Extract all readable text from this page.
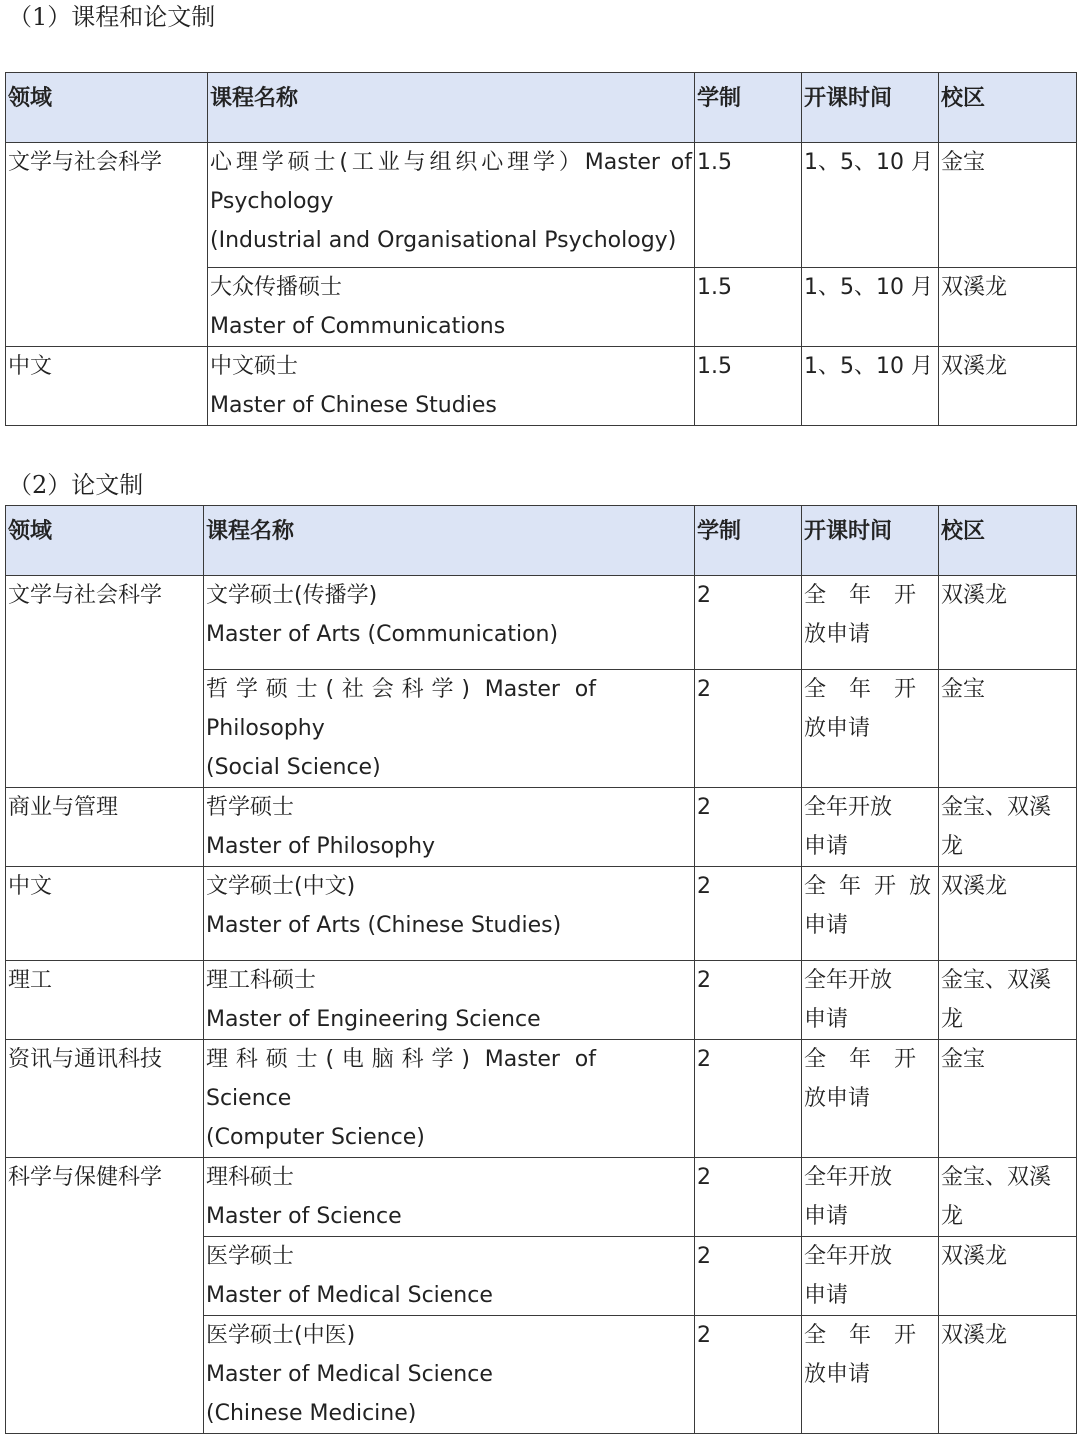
（1）课程和论文制
领域	课程名称	学制	开课时间	校区
文学与社会科学	心理学硕士(工业与组织心理学）Master of
Psychology
(Industrial and Organisational Psychology)	1.5	1、5、10 月	金宝

	大众传播硕士
Master of Communications	1.5	1、5、10 月	双溪龙
中文	中文硕士
Master of Chinese Studies	1.5	1、5、10 月	双溪龙
（2）论文制
领域	课程名称	学制	开课时间	校区
文学与社会科学	文学硕士(传播学)
Master of Arts (Communication)	2	全 年 开
放申请	双溪龙

	哲学硕士(社会科学) Master of
Philosophy
(Social Science)	2	全 年 开
放申请	金宝
商业与管理	哲学硕士
Master of Philosophy	2	全年开放
申请	金宝、双溪
龙

中文	文学硕士(中文)
Master of Arts (Chinese Studies)	2	全 年 开 放
申请	双溪龙
理工	理工科硕士
Master of Engineering Science	2	全年开放
申请	金宝、双溪
龙

资讯与通讯科技	理科硕士(电脑科学) Master of
Science
(Computer Science)	2	全 年 开
放申请	金宝
科学与保健科学	理科硕士
Master of Science	2	全年开放
申请	金宝、双溪
龙

	医学硕士
Master of Medical Science	2	全年开放
申请	双溪龙

	医学硕士(中医)
Master of Medical Science
(Chinese Medicine)	2	全 年 开
放申请	双溪龙
